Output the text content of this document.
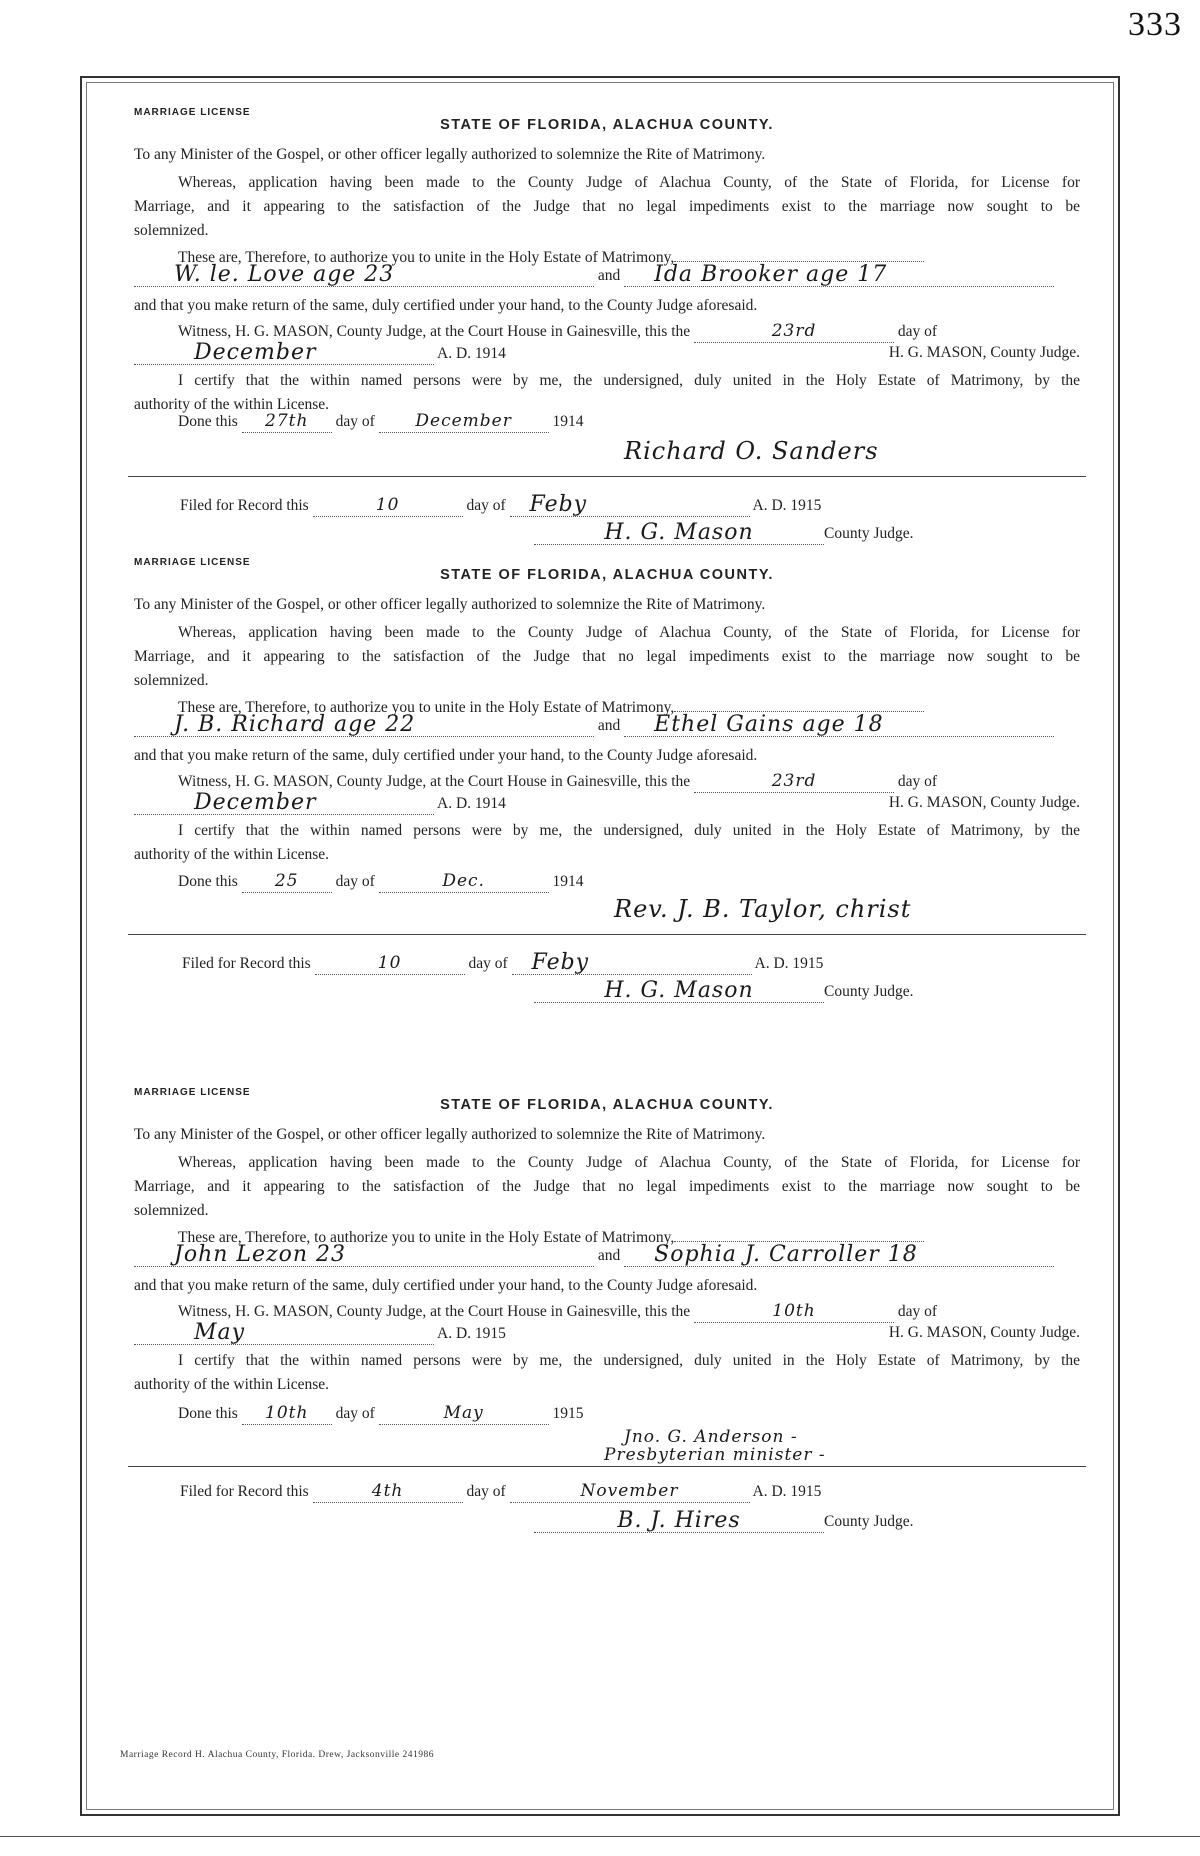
333
MARRIAGE LICENSE
STATE OF FLORIDA, ALACHUA COUNTY.
To any Minister of the Gospel, or other officer legally authorized to solemnize the Rite of Matrimony.
Whereas, application having been made to the County Judge of Alachua County, of the State of Florida, for License for
Marriage, and it appearing to the satisfaction of the Judge that no legal impediments exist to the marriage now sought to be
solemnized.
These are, Therefore, to authorize you to unite in the Holy Estate of Matrimony,
W. le. Love age 23	and Ida Brooker age 17
and that you make return of the same, duly certified under your hand, to the County Judge aforesaid.
Witness, H. G. MASON, County Judge, at the Court House in Gainesville, this the	23rd	day of
December	A. D. 1914	H. G. MASON, County Judge.
I certify that the within named persons were by me, the undersigned, duly united in the Holy Estate of Matrimony, by the
authority of the within License.
Done this 27th day of December	1914
Richard O. Sanders
Filed for Record this	10	day of Feby	A. D. 1915
H. G. Mason	County Judge.
MARRIAGE LICENSE
STATE OF FLORIDA, ALACHUA COUNTY.
To any Minister of the Gospel, or other officer legally authorized to solemnize the Rite of Matrimony.
Whereas, application having been made to the County Judge of Alachua County, of the State of Florida, for License for
Marriage, and it appearing to the satisfaction of the Judge that no legal impediments exist to the marriage now sought to be
solemnized.
These are, Therefore, to authorize you to unite in the Holy Estate of Matrimony,
J. B. Richard age 22	and Ethel Gains age 18
and that you make return of the same, duly certified under your hand, to the County Judge aforesaid.
Witness, H. G. MASON, County Judge, at the Court House in Gainesville, this the	23rd	day of
December	A. D. 1914	H. G. MASON, County Judge.
I certify that the within named persons were by me, the undersigned, duly united in the Holy Estate of Matrimony, by the
authority of the within License.
Done this 25 day of	Dec.	1914
Rev. J. B. Taylor, christ
Filed for Record this	10	day of Feby	A. D. 1915
H. G. Mason	County Judge.
MARRIAGE LICENSE
STATE OF FLORIDA, ALACHUA COUNTY.
To any Minister of the Gospel, or other officer legally authorized to solemnize the Rite of Matrimony.
Whereas, application having been made to the County Judge of Alachua County, of the State of Florida, for License for
Marriage, and it appearing to the satisfaction of the Judge that no legal impediments exist to the marriage now sought to be
solemnized.
These are, Therefore, to authorize you to unite in the Holy Estate of Matrimony,
John Lezon 23	and Sophia J. Carroller 18
and that you make return of the same, duly certified under your hand, to the County Judge aforesaid.
Witness, H. G. MASON, County Judge, at the Court House in Gainesville, this the	10th	day of
May	A. D. 1915	H. G. MASON, County Judge.
I certify that the within named persons were by me, the undersigned, duly united in the Holy Estate of Matrimony, by the
authority of the within License.
Done this 10th day of	May	1915
Jno. G. Anderson -
Presbyterian minister -
Filed for Record this	4th	day of	November	A. D. 1915
B. J. Hires	County Judge.
Marriage Record H. Alachua County, Florida. Drew, Jacksonville 241986
